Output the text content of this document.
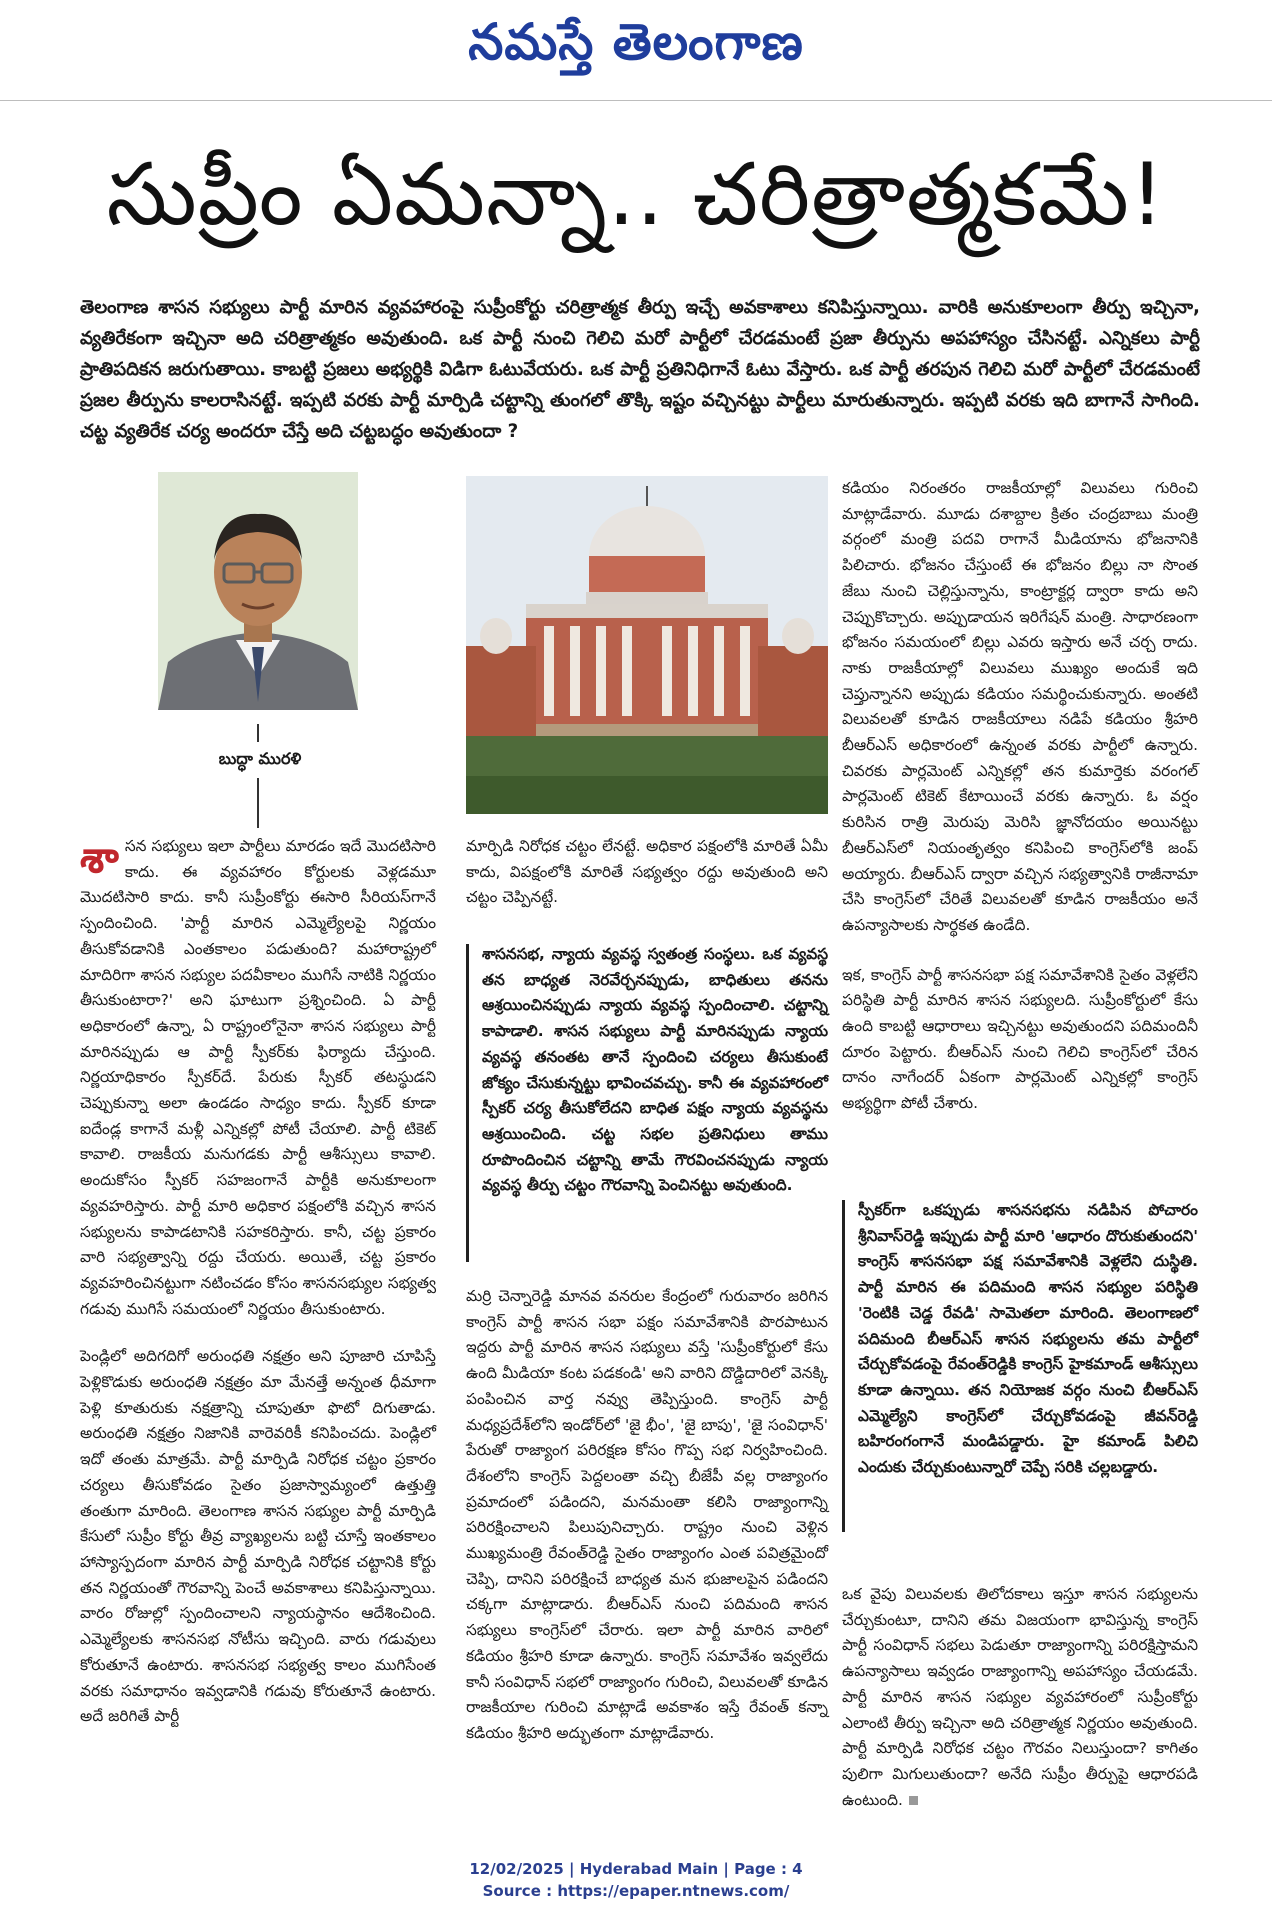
నమస్తే తెలంగాణ
సుప్రీం ఏమన్నా.. చరిత్రాత్మకమే!
తెలంగాణ శాసన సభ్యులు పార్టీ మారిన వ్యవహారంపై సుప్రీంకోర్టు చరిత్రాత్మక తీర్పు ఇచ్చే అవకాశాలు కనిపిస్తున్నాయి. వారికి అనుకూలంగా తీర్పు ఇచ్చినా, వ్యతిరేకంగా ఇచ్చినా అది చరిత్రాత్మకం అవుతుంది. ఒక పార్టీ నుంచి గెలిచి మరో పార్టీలో చేరడమంటే ప్రజా తీర్పును అపహాస్యం చేసినట్టే. ఎన్నికలు పార్టీ ప్రాతిపదికన జరుగుతాయి. కాబట్టి ప్రజలు అభ్యర్థికి విడిగా ఓటువేయరు. ఒక పార్టీ ప్రతినిధిగానే ఓటు వేస్తారు. ఒక పార్టీ తరపున గెలిచి మరో పార్టీలో చేరడమంటే ప్రజల తీర్పును కాలరాసినట్టే. ఇప్పటి వరకు పార్టీ మార్పిడి చట్టాన్ని తుంగలో తొక్కి ఇష్టం వచ్చినట్టు పార్టీలు మారుతున్నారు. ఇప్పటి వరకు ఇది బాగానే సాగింది. చట్ట వ్యతిరేక చర్య అందరూ చేస్తే అది చట్టబద్ధం అవుతుందా ?
బుద్ధా మురళి

శాసన సభ్యులు ఇలా పార్టీలు మారడం ఇదే మొదటిసారి కాదు. ఈ వ్యవహారం కోర్టులకు వెళ్లడమూ మొదటిసారి కాదు. కానీ సుప్రీంకోర్టు ఈసారి సీరియస్‌గానే స్పందించింది. 'పార్టీ మారిన ఎమ్మెల్యేలపై నిర్ణయం తీసుకోవడానికి ఎంతకాలం పడుతుంది? మహారాష్ట్రలో మాదిరిగా శాసన సభ్యుల పదవీకాలం ముగిసే నాటికి నిర్ణయం తీసుకుంటారా?' అని ఘాటుగా ప్రశ్నించింది. ఏ పార్టీ అధికారంలో ఉన్నా, ఏ రాష్ట్రంలోనైనా శాసన సభ్యులు పార్టీ మారినప్పుడు ఆ పార్టీ స్పీకర్‌కు ఫిర్యాదు చేస్తుంది. నిర్ణయాధికారం స్పీకర్‌దే. పేరుకు స్పీకర్ తటస్థుడని చెప్పుకున్నా అలా ఉండడం సాధ్యం కాదు. స్పీకర్ కూడా ఐదేండ్ల కాగానే మళ్లీ ఎన్నికల్లో పోటీ చేయాలి. పార్టీ టికెట్ కావాలి. రాజకీయ మనుగడకు పార్టీ ఆశీస్సులు కావాలి. అందుకోసం స్పీకర్ సహజంగానే పార్టీకి అనుకూలంగా వ్యవహరిస్తారు. పార్టీ మారి అధికార పక్షంలోకి వచ్చిన శాసన సభ్యులను కాపాడటానికి సహకరిస్తారు. కానీ, చట్ట ప్రకారం వారి సభ్యత్వాన్ని రద్దు చేయరు. అయితే, చట్ట ప్రకారం వ్యవహరించినట్టుగా నటించడం కోసం శాసనసభ్యుల సభ్యత్వ గడువు ముగిసే సమయంలో నిర్ణయం తీసుకుంటారు.

పెండ్లిలో అదిగదిగో అరుంధతి నక్షత్రం అని పూజారి చూపిస్తే పెళ్లికొడుకు అరుంధతి నక్షత్రం మా మేనత్తే అన్నంత ధీమాగా పెళ్లి కూతురుకు నక్షత్రాన్ని చూపుతూ ఫొటో దిగుతాడు. అరుంధతి నక్షత్రం నిజానికి వారెవరికీ కనిపించదు. పెండ్లిలో ఇదో తంతు మాత్రమే. పార్టీ మార్పిడి నిరోధక చట్టం ప్రకారం చర్యలు తీసుకోవడం సైతం ప్రజాస్వామ్యంలో ఉత్తుత్తి తంతుగా మారింది. తెలంగాణ శాసన సభ్యుల పార్టీ మార్పిడి కేసులో సుప్రీం కోర్టు తీవ్ర వ్యాఖ్యలను బట్టి చూస్తే ఇంతకాలం హాస్యాస్పదంగా మారిన పార్టీ మార్పిడి నిరోధక చట్టానికి కోర్టు తన నిర్ణయంతో గౌరవాన్ని పెంచే అవకాశాలు కనిపిస్తున్నాయి. వారం రోజుల్లో స్పందించాలని న్యాయస్థానం ఆదేశించింది. ఎమ్మెల్యేలకు శాసనసభ నోటీసు ఇచ్చింది. వారు గడువులు కోరుతూనే ఉంటారు. శాసనసభ సభ్యత్వ కాలం ముగిసేంత వరకు సమాధానం ఇవ్వడానికి గడువు కోరుతూనే ఉంటారు. అదే జరిగితే పార్టీ

మార్పిడి నిరోధక చట్టం లేనట్టే. అధికార పక్షంలోకి మారితే ఏమీ కాదు, విపక్షంలోకి మారితే సభ్యత్వం రద్దు అవుతుంది అని చట్టం చెప్పినట్టే.

శాసనసభ, న్యాయ వ్యవస్థ స్వతంత్ర సంస్థలు. ఒక వ్యవస్థ తన బాధ్యత నెరవేర్చనప్పుడు, బాధితులు తనను ఆశ్రయించినప్పుడు న్యాయ వ్యవస్థ స్పందించాలి. చట్టాన్ని కాపాడాలి. శాసన సభ్యులు పార్టీ మారినప్పుడు న్యాయ వ్యవస్థ తనంతట తానే స్పందించి చర్యలు తీసుకుంటే జోక్యం చేసుకున్నట్టు భావించవచ్చు. కానీ ఈ వ్యవహారంలో స్పీకర్ చర్య తీసుకోలేదని బాధిత పక్షం న్యాయ వ్యవస్థను ఆశ్రయించింది. చట్ట సభల ప్రతినిధులు తాము రూపొందించిన చట్టాన్ని తామే గౌరవించనప్పుడు న్యాయ వ్యవస్థ తీర్పు చట్టం గౌరవాన్ని పెంచినట్టు అవుతుంది.

మర్రి చెన్నారెడ్డి మానవ వనరుల కేంద్రంలో గురువారం జరిగిన కాంగ్రెస్ పార్టీ శాసన సభా పక్షం సమావేశానికి పొరపాటున ఇద్దరు పార్టీ మారిన శాసన సభ్యులు వస్తే 'సుప్రీంకోర్టులో కేసు ఉంది మీడియా కంట పడకండి' అని వారిని దొడ్డిదారిలో వెనక్కి పంపించిన వార్త నవ్వు తెప్పిస్తుంది. కాంగ్రెస్ పార్టీ మధ్యప్రదేశ్‌లోని ఇండోర్‌లో 'జై భీం', 'జై బాపు', 'జై సంవిధాన్' పేరుతో రాజ్యాంగ పరిరక్షణ కోసం గొప్ప సభ నిర్వహించింది. దేశంలోని కాంగ్రెస్ పెద్దలంతా వచ్చి బీజేపీ వల్ల రాజ్యాంగం ప్రమాదంలో పడిందని, మనమంతా కలిసి రాజ్యాంగాన్ని పరిరక్షించాలని పిలుపునిచ్చారు. రాష్ట్రం నుంచి వెళ్లిన ముఖ్యమంత్రి రేవంత్‌రెడ్డి సైతం రాజ్యాంగం ఎంత పవిత్రమైందో చెప్పి, దానిని పరిరక్షించే బాధ్యత మన భుజాలపైన పడిందని చక్కగా మాట్లాడారు. బీఆర్‌ఎస్ నుంచి పదిమంది శాసన సభ్యులు కాంగ్రెస్‌లో చేరారు. ఇలా పార్టీ మారిన వారిలో కడియం శ్రీహరి కూడా ఉన్నారు. కాంగ్రెస్ సమావేశం ఇవ్వలేదు కానీ సంవిధాన్ సభలో రాజ్యాంగం గురించి, విలువలతో కూడిన రాజకీయాల గురించి మాట్లాడే అవకాశం ఇస్తే రేవంత్ కన్నా కడియం శ్రీహరి అద్భుతంగా మాట్లాడేవారు.

కడియం నిరంతరం రాజకీయాల్లో విలువలు గురించి మాట్లాడేవారు. మూడు దశాబ్దాల క్రితం చంద్రబాబు మంత్రి వర్గంలో మంత్రి పదవి రాగానే మీడియాను భోజనానికి పిలిచారు. భోజనం చేస్తుంటే ఈ భోజనం బిల్లు నా సొంత జేబు నుంచి చెల్లిస్తున్నాను, కాంట్రాక్టర్ల ద్వారా కాదు అని చెప్పుకొచ్చారు. అప్పుడాయన ఇరిగేషన్ మంత్రి. సాధారణంగా భోజనం సమయంలో బిల్లు ఎవరు ఇస్తారు అనే చర్చ రాదు. నాకు రాజకీయాల్లో విలువలు ముఖ్యం అందుకే ఇది చెప్తున్నానని అప్పుడు కడియం సమర్థించుకున్నారు. అంతటి విలువలతో కూడిన రాజకీయాలు నడిపే కడియం శ్రీహరి బీఆర్‌ఎస్ అధికారంలో ఉన్నంత వరకు పార్టీలో ఉన్నారు. చివరకు పార్లమెంట్ ఎన్నికల్లో తన కుమార్తెకు వరంగల్ పార్లమెంట్ టికెట్ కేటాయించే వరకు ఉన్నారు. ఓ వర్షం కురిసిన రాత్రి మెరుపు మెరిసి జ్ఞానోదయం అయినట్టు బీఆర్‌ఎస్‌లో నియంతృత్వం కనిపించి కాంగ్రెస్‌లోకి జంప్ అయ్యారు. బీఆర్‌ఎస్ ద్వారా వచ్చిన సభ్యత్వానికి రాజీనామా చేసి కాంగ్రెస్‌లో చేరితే విలువలతో కూడిన రాజకీయం అనే ఉపన్యాసాలకు సార్థకత ఉండేది.

ఇక, కాంగ్రెస్ పార్టీ శాసనసభా పక్ష సమావేశానికి సైతం వెళ్లలేని పరిస్థితి పార్టీ మారిన శాసన సభ్యులది. సుప్రీంకోర్టులో కేసు ఉంది కాబట్టి ఆధారాలు ఇచ్చినట్టు అవుతుందని పదిమందినీ దూరం పెట్టారు. బీఆర్‌ఎస్ నుంచి గెలిచి కాంగ్రెస్‌లో చేరిన దానం నాగేందర్ ఏకంగా పార్లమెంట్ ఎన్నికల్లో కాంగ్రెస్ అభ్యర్థిగా పోటీ చేశారు.

స్పీకర్‌గా ఒకప్పుడు శాసనసభను నడిపిన పోచారం శ్రీనివాస్‌రెడ్డి ఇప్పుడు పార్టీ మారి 'ఆధారం దొరుకుతుందని' కాంగ్రెస్ శాసనసభా పక్ష సమావేశానికి వెళ్లలేని దుస్థితి. పార్టీ మారిన ఈ పదిమంది శాసన సభ్యుల పరిస్థితి 'రెంటికి చెడ్డ రేవడి' సామెతలా మారింది. తెలంగాణలో పదిమంది బీఆర్‌ఎస్ శాసన సభ్యులను తమ పార్టీలో చేర్చుకోవడంపై రేవంత్‌రెడ్డికి కాంగ్రెస్ హైకమాండ్ ఆశీస్సులు కూడా ఉన్నాయి. తన నియోజక వర్గం నుంచి బీఆర్‌ఎస్ ఎమ్మెల్యేని కాంగ్రెస్‌లో చేర్చుకోవడంపై జీవన్‌రెడ్డి బహిరంగంగానే మండిపడ్డారు. హై కమాండ్ పిలిచి ఎందుకు చేర్చుకుంటున్నారో చెప్పే సరికి చల్లబడ్డారు.

ఒక వైపు విలువలకు తిలోదకాలు ఇస్తూ శాసన సభ్యులను చేర్చుకుంటూ, దానిని తమ విజయంగా భావిస్తున్న కాంగ్రెస్ పార్టీ సంవిధాన్ సభలు పెడుతూ రాజ్యాంగాన్ని పరిరక్షిస్తామని ఉపన్యాసాలు ఇవ్వడం రాజ్యాంగాన్ని అపహాస్యం చేయడమే. పార్టీ మారిన శాసన సభ్యుల వ్యవహారంలో సుప్రీంకోర్టు ఎలాంటి తీర్పు ఇచ్చినా అది చరిత్రాత్మక నిర్ణయం అవుతుంది. పార్టీ మార్పిడి నిరోధక చట్టం గౌరవం నిలుస్తుందా? కాగితం పులిగా మిగులుతుందా? అనేది సుప్రీం తీర్పుపై ఆధారపడి ఉంటుంది.

12/02/2025 | Hyderabad Main | Page : 4
Source : https://epaper.ntnews.com/
